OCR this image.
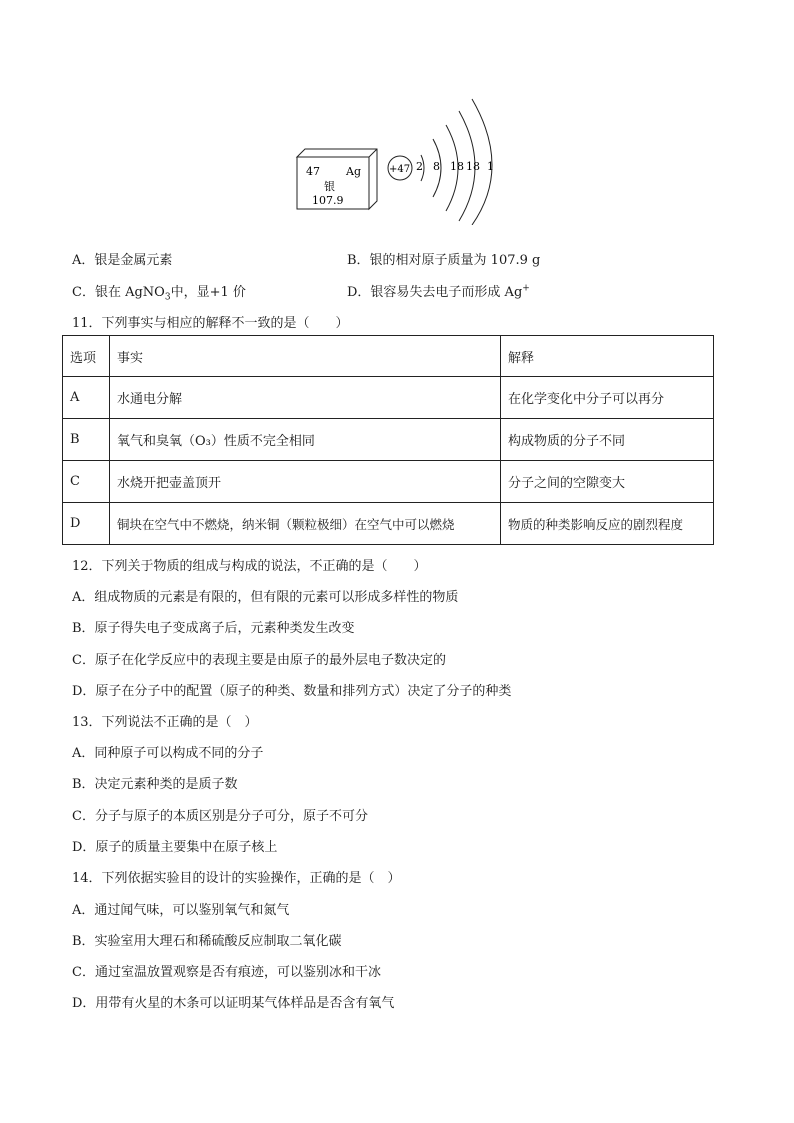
47 Ag
银
107.9
+47 2 8 18 18 1
A．银是金属元素	B．银的相对原子质量为 107.9 g
C．银在 AgNO$_3$中，显+1 价	D．银容易失去电子而形成 Ag+
11．下列事实与相应的解释不一致的是（　　）
选项	事实	解释
A	水通电分解	在化学变化中分子可以再分
B	氧气和臭氧（O₃）性质不完全相同	构成物质的分子不同
C	水烧开把壶盖顶开	分子之间的空隙变大
D	铜块在空气中不燃烧，纳米铜（颗粒极细）在空气中可以燃烧	物质的种类影响反应的剧烈程度
12．下列关于物质的组成与构成的说法，不正确的是（　　）
A．组成物质的元素是有限的，但有限的元素可以形成多样性的物质
B．原子得失电子变成离子后，元素种类发生改变
C．原子在化学反应中的表现主要是由原子的最外层电子数决定的
D．原子在分子中的配置（原子的种类、数量和排列方式）决定了分子的种类
13．下列说法不正确的是（　）
A．同种原子可以构成不同的分子
B．决定元素种类的是质子数
C．分子与原子的本质区别是分子可分，原子不可分
D．原子的质量主要集中在原子核上
14．下列依据实验目的设计的实验操作，正确的是（　）
A．通过闻气味，可以鉴别氧气和氮气
B．实验室用大理石和稀硫酸反应制取二氧化碳
C．通过室温放置观察是否有痕迹，可以鉴别冰和干冰
D．用带有火星的木条可以证明某气体样品是否含有氧气
